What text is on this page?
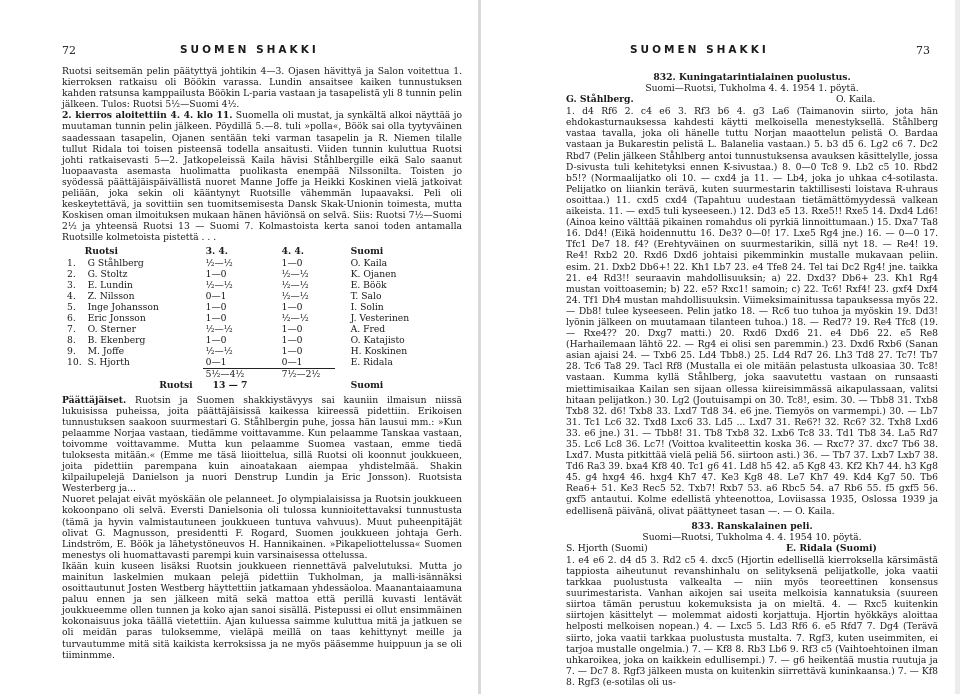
72	SUOMEN SHAKKI

Ruotsi seitsemän pelin päätyttyä johtikin 4—3. Ojasen hävittyä ja Salon voitettua 1. kierroksen ratkaisu oli Böökin varassa. Lundin ansaitsee kaiken tunnustuksen kahden ratsunsa kamppailusta Böökin L-paria vastaan ja tasapelistä yli 8 tunnin pelin jälkeen. Tulos: Ruotsi 5½—Suomi 4½.

2. kierros aloitettiin 4. 4. klo 11. Suomella oli mustat, ja synkältä alkoi näyttää jo muutaman tunnin pelin jälkeen. Pöydillä 5.—8. tuli »polla«, Böök sai olla tyytyväinen saadessaan tasapelin, Ojanen sentään teki varman tasapelin ja R. Niemen tilalle tullut Ridala toi toisen pisteensä todella ansaitusti. Viiden tunnin kuluttua Ruotsi johti ratkaisevasti 5—2. Jatkopeleissä Kaila hävisi Ståhlbergille eikä Salo saanut luopaavasta asemasta huolimatta puolikasta enempää Nilssonilta. Toisten jo syödessä päättäjäispäivällistä nuoret Manne Joffe ja Heikki Koskinen vielä jatkoivat peliään, joka sekin oli kääntynyt Ruotsille vähemmän lupaavaksi. Peli oli keskeytettävä, ja sovittiin sen tuomitsemisesta Dansk Skak-Unionin toimesta, mutta Koskisen oman ilmoituksen mukaan hänen häviönsä on selvä. Siis: Ruotsi 7½—Suomi 2½ ja yhteensä Ruotsi 13 — Suomi 7. Kolmastoista kerta sanoi toden antamalla Ruotsille kolmetoista pistettä . . .

	Ruotsi	3. 4.	4. 4.	Suomi
1.	G Ståhlberg	½—½	1—0	O. Kaila
2.	G. Stoltz	1—0	½—½	K. Ojanen
3.	E. Lundin	½—½	½—½	E. Böök
4.	Z. Nilsson	0—1	½—½	T. Salo
5.	Inge Johansson	1—0	1—0	I. Solin
6.	Eric Jonsson	1—0	½—½	J. Vesterinen
7.	O. Sterner	½—½	1—0	A. Fred
8.	B. Ekenberg	1—0	1—0	O. Katajisto
9.	M. Joffe	½—½	1—0	H. Koskinen
10.	S. Hjorth	0—1	0—1	E. Ridala
		5½—4½	7½—2½	
	Ruotsi	13 — 7		Suomi

Päättäjäiset. Ruotsin ja Suomen shakkiystävyys sai kauniin ilmaisun niissä lukuisissa puheissa, joita päättäjäisissä kaikessa kiireessä pidettiin. Erikoisen tunnustuksen saakoon suurmestari G. Ståhlbergin puhe, jossa hän lausui mm.: »Kun pelaamme Norjaa vastaan, tiedämme voittavamme. Kun pelaamme Tanskaa vastaan, toivomme voittavamme. Mutta kun pelaamme Suomea vastaan, emme tiedä tuloksesta mitään.« (Emme me täsä liioittelua, sillä Ruotsi oli koonnut joukkueen, joita pidettiin parempana kuin ainoatakaan aiempaa yhdistelmää. Shakin kilpailupelejä Danielson ja nuori Denstrup Lundin ja Eric Jonsson). Ruotsista Westerberg ja...

Nuoret pelajat eivät myöskään ole pelanneet. Jo olympialaisissa ja Ruotsin joukkueen kokoonpano oli selvä. Eversti Danielsonia oli tulossa kunnioitettavaksi tunnustusta (tämä ja hyvin valmistautuneen joukkueen tuntuva vahvuus). Muut puheenpitäjät olivat G. Magnusson, presidentti F. Rogard, Suomen joukkueen johtaja Gerh. Lindström, E. Böök ja lähetystöneuvos H. Hannikainen. »Pikapeliottelussa« Suomen menestys oli huomattavasti parempi kuin varsinaisessa ottelussa.

Ikään kuin kuseen lisäksi Ruotsin joukkueen riennettävä palvelutuksi. Mutta jo mainitun laskelmien mukaan pelejä pidettiin Tukholman, ja malli-isännäksi osoittautunut Josten Westberg häyttettiin jatkamaan yhdessäoloa. Maanantaiaamuna paluu ennen ja sen jälkeen mitä sekä mattoa että perillä kuvasti lentävät joukkueemme ollen tunnen ja koko ajan sanoi sisällä. Pistepussi ei ollut ensimmäinen kokonaisuus joka täällä vietettiin. Ajan kuluessa saimme kuluttua mitä ja jatkuen se oli meidän paras tuloksemme, vieläpä meillä on taas kehittynyt meille ja turvautumme mitä sitä kaikista kerroksissa ja ne myös pääsemme huippuun ja se oli tiiminmme.

SUOMEN SHAKKI	73

832. Kuningatarintialainen puolustus.

Suomi—Ruotsi, Tukholma 4. 4. 1954 1. pöytä.

G. Ståhlberg.	O. Kaila.

1. d4 Rf6 2. c4 e6 3. Rf3 b6 4. g3 La6 (Taimanovin siirto, jota hän ehdokasturnauksessa kahdesti käytti melkoisella menestyksellä. Ståhlberg vastaa tavalla, joka oli hänelle tuttu Norjan maaottelun pelistä O. Bardaa vastaan ja Bukarestin pelistä L. Balanelia vastaan.) 5. b3 d5 6. Lg2 c6 7. Dc2 Rbd7 (Pelin jälkeen Ståhlberg antoi tunnustuksensa avauksen käsittelylle, jossa D-sivusta tuli kehitetyksi ennen K-sivustaa.) 8. 0—0 Tc8 9. Lb2 c5 10. Rbd2 b5!? (Normaalijatko oli 10. — cxd4 ja 11. — Lb4, joka jo uhkaa c4-sotilasta. Pelijatko on liiankin terävä, kuten suurmestarin taktillisesti loistava R-uhraus osoittaa.) 11. cxd5 cxd4 (Tapahtuu uudestaan tietämättömyydessä valkean aikeista. 11. — exd5 tuli kyseeseen.) 12. Dd3 e5 13. Rxe5!! Rxe5 14. Dxd4 Ld6! (Ainoa keino välttää pikainen romahdus oli pyrkiä linnoittumaan.) 15. Dxa7 Ta8 16. Dd4! (Eikä hoidennuttu 16. De3? 0—0! 17. Lxe5 Rg4 jne.) 16. — 0—0 17. Tfc1 De7 18. f4? (Erehtyväinen on suurmestarikin, sillä nyt 18. — Re4! 19. Re4! Rxb2 20. Rxd6 Dxd6 johtaisi pikemminkin mustalle mukavaan peliin. esim. 21. Dxb2 Db6+! 22. Kh1 Lb7 23. e4 Tfe8 24. Tel tai Dc2 Rg4! jne. taikka 21. e4 Rd3!! seuraavin mahdollisuuksin; a) 22. Dxd3? Db6+ 23. Kh1 Rg4 mustan voittoasemin; b) 22. e5? Rxc1! samoin; c) 22. Tc6! Rxf4! 23. gxf4 Dxf4 24. Tf1 Dh4 mustan mahdollisuuksin. Viimeksimainitussa tapauksessa myös 22. — Db8! tulee kyseeseen. Pelin jatko 18. — Rc6 tuo tuhoa ja myöskin 19. Dd3! lyönin jälkeen on muutamaan tilanteen tuhoa.) 18. — Red7? 19. Re4 Tfc8 (19. — Rxe4?? 20. Dxg7 matti.) 20. Rxd6 Dxd6 21. e4 Db6 22. e5 Re8 (Harhailemaan lähtö 22. — Rg4 ei olisi sen paremmin.) 23. Dxd6 Rxb6 (Sanan asian ajaisi 24. — Txb6 25. Ld4 Tbb8.) 25. Ld4 Rd7 26. Lh3 Td8 27. Tc7! Tb7 28. Tc6 Ta8 29. Tacl Rf8 (Mustalla ei ole mitään pelastusta ulkoasiaa 30. Tc8! vastaan. Kumma kyllä Ståhlberg, joka saavutettu vastaan on runsaasti miettimisaikaa Kailan sen sijaan ollessa kiireisimmässä aikapulassaan, valitsi hitaan pelijatkon.) 30. Lg2 (Joutuisampi on 30. Tc8!, esim. 30. — Tbb8 31. Txb8 Txb8 32. d6! Txb8 33. Lxd7 Td8 34. e6 jne. Tiemyös on varmempi.) 30. — Lb7 31. Tc1 Lc6 32. Txd8 Lxc6 33. Ld5 ... Lxd7 31. Re6?! 32. Rc6? 32. Txh8 Lxd6 33. e6 jne.) 31. — Tbb8! 31. Tb8 Txb8 32. Lxb6 Tc8 33. Td1 Tb8 34. La5 Rd7 35. Lc6 Lc8 36. Lc7! (Voittoa kvaliteettin koska 36. — Rxc7? 37. dxc7 Tb6 38. Lxd7. Musta pitkittää vielä peliä 56. siirtoon asti.) 36. — Tb7 37. Lxb7 Lxb7 38. Td6 Ra3 39. bxa4 Kf8 40. Tc1 g6 41. Ld8 h5 42. a5 Kg8 43. Kf2 Kh7 44. h3 Kg8 45. g4 hxg4 46. hxg4 Kh7 47. Ke3 Kg8 48. Le7 Kh7 49. Kd4 Kg7 50. Tb6 Rea6+ 51. Ke3 Rec5 52. Txb7! Rxb7 53. a6 Rbc5 54. a7 Rb6 55. f5 gxf5 56. gxf5 antautui. Kolme edellistä yhteenottoa, Loviisassa 1935, Oslossa 1939 ja edellisenä päivänä, olivat päättyneet tasan —. — O. Kaila.

833. Ranskalainen peli.

Suomi—Ruotsi, Tukholma 4. 4. 1954 10. pöytä.

S. Hjorth (Suomi)	E. Ridala (Suomi)

1. e4 e6 2. d4 d5 3. Rd2 c5 4. dxc5 (Hjortin edellisellä kierroksella kärsimästä tappiosta aiheutunut revanshinhalu on selityksenä pelijatkolle, joka vaatii tarkkaa puolustusta valkealta — niin myös teoreettinen konsensus suurimestarista. Vanhan aikojen sai useita melkoisia kannatuksia (suureen siirtoa tämän perustuu kokemuksista ja on mieltä. 4. — Rxc5 kuitenkin siirtojen käsittelyt — molemmat aidosti korjattuja. Hjortin hyökkäys aloittaa helposti melkoisen nopean.) 4. — Lxc5 5. Ld3 Rf6 6. e5 Rfd7 7. Dg4 (Terävä siirto, joka vaatii tarkkaa puolustusta mustalta. 7. Rgf3, kuten useimmiten, ei tarjoa mustalle ongelmia.) 7. — Kf8 8. Rb3 Lb6 9. Rf3 c5 (Vaihtoehtoinen ilman uhkaroikea, joka on kaikkein edullisempi.) 7. — g6 heikentää mustia ruutuja ja 7. — Dc7 8. Rgf3 jälkeen musta on kuitenkin siirrettävä kuninkaansa.) 7. — Kf8 8. Rgf3 (e-sotilas oli us-
